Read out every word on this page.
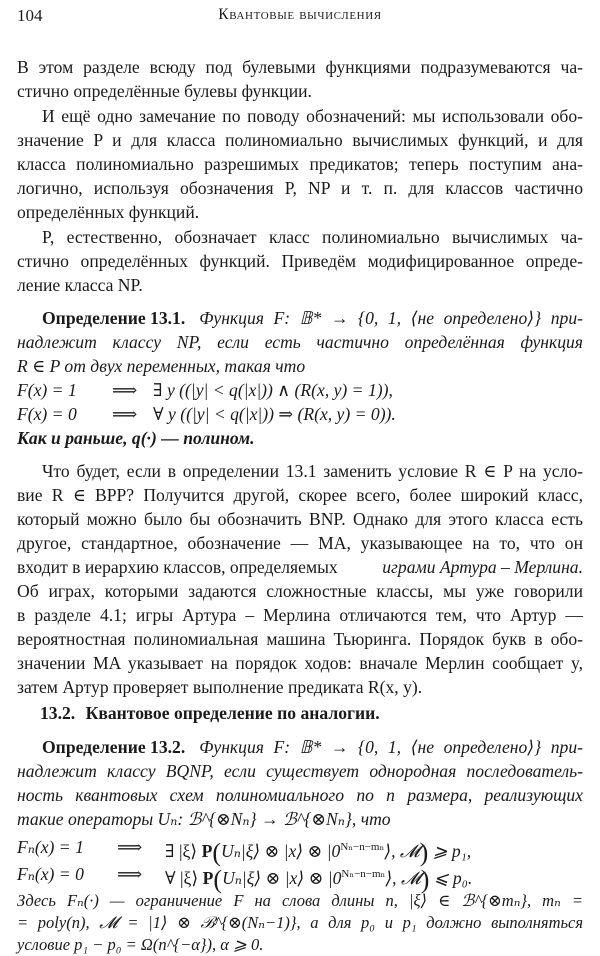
104	Квантовые вычисления
В этом разделе всюду под булевыми функциями подразумеваются ча-
стично определённые булевы функции.
И ещё одно замечание по поводу обозначений: мы использовали обо-
значение P и для класса полиномиально вычислимых функций, и для
класса полиномиально разрешимых предикатов; теперь поступим ана-
логично, используя обозначения P, NP и т. п. для классов частично
определённых функций.
P, естественно, обозначает класс полиномиально вычислимых ча-
стично определённых функций. Приведём модифицированное опреде-
ление класса NP.
Определение 13.1. Функция F: 𝔹* → {0, 1, ⟨не определено⟩} при-
надлежит классу NP, если есть частично определённая функция
R ∈ P от двух переменных, такая что
F(x) = 1 ⟹ ∃ y ((|y| < q(|x|)) ∧ (R(x, y) = 1)),
F(x) = 0 ⟹ ∀ y ((|y| < q(|x|)) ⇒ (R(x, y) = 0)).
Как и раньше, q(·) — полином.
Что будет, если в определении 13.1 заменить условие R ∈ P на усло-
вие R ∈ BPP? Получится другой, скорее всего, более широкий класс,
который можно было бы обозначить BNP. Однако для этого класса есть
другое, стандартное, обозначение — MA, указывающее на то, что он
входит в иерархию классов, определяемых	играми Артура – Мерлина.
Об играх, которыми задаются сложностные классы, мы уже говорили
в разделе 4.1; игры Артура – Мерлина отличаются тем, что Артур —
вероятностная полиномиальная машина Тьюринга. Порядок букв в обо-
значении MA указывает на порядок ходов: вначале Мерлин сообщает y,
затем Артур проверяет выполнение предиката R(x, y).
13.2. Квантовое определение по аналогии.
Определение 13.2. Функция F: 𝔹* → {0, 1, ⟨не определено⟩} при-
надлежит классу BQNP, если существует однородная последователь-
ность квантовых схем полиномиального по n размера, реализующих
такие операторы Uₙ: ℬ^{⊗Nₙ} → ℬ^{⊗Nₙ}, что
Fₙ(x) = 1 ⟹ ∃ |ξ⟩ P(Uₙ|ξ⟩ ⊗ |x⟩ ⊗ $|0^{N_n-n-m_n}⟩$, 𝓜) ⩾ p₁,
Fₙ(x) = 0 ⟹ ∀ |ξ⟩ P(Uₙ|ξ⟩ ⊗ |x⟩ ⊗ $|0^{N_n-n-m_n}⟩$, 𝓜) ⩽ p₀.
Здесь Fₙ(·) — ограничение F на слова длины n, |ξ⟩ ∈ ℬ^{⊗mₙ}, mₙ =
= poly(n), 𝓜 = |1⟩ ⊗ ℬ^{⊗(Nₙ−1)}, а для p₀ и p₁ должно выполняться
условие p₁ − p₀ = Ω(n^{−α}), α ⩾ 0.
